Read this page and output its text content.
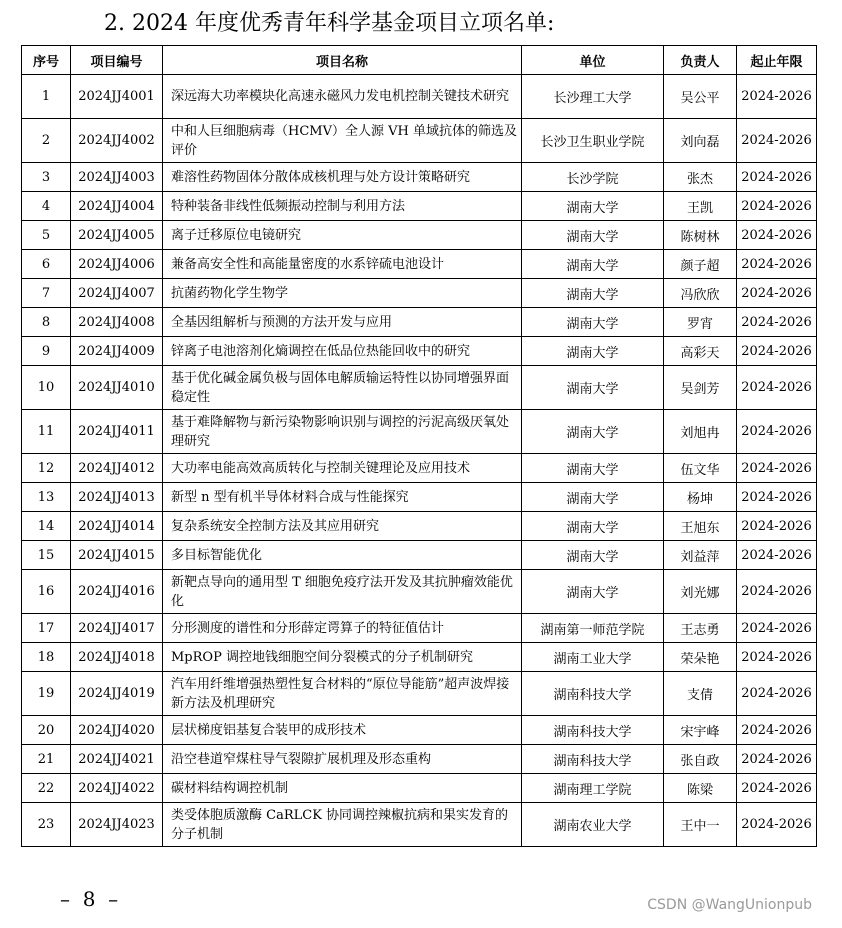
2. 2024 年度优秀青年科学基金项目立项名单:
序号	项目编号	项目名称	单位	负责人	起止年限
1	2024JJ4001	深远海大功率模块化高速永磁风力发电机控制关键技术研究	长沙理工大学	吴公平	2024-2026
2	2024JJ4002	中和人巨细胞病毒（HCMV）全人源 VH 单域抗体的筛选及评价	长沙卫生职业学院	刘向磊	2024-2026
3	2024JJ4003	难溶性药物固体分散体成核机理与处方设计策略研究	长沙学院	张杰	2024-2026
4	2024JJ4004	特种装备非线性低频振动控制与利用方法	湖南大学	王凯	2024-2026
5	2024JJ4005	离子迁移原位电镜研究	湖南大学	陈树林	2024-2026
6	2024JJ4006	兼备高安全性和高能量密度的水系锌硫电池设计	湖南大学	颜子超	2024-2026
7	2024JJ4007	抗菌药物化学生物学	湖南大学	冯欣欣	2024-2026
8	2024JJ4008	全基因组解析与预测的方法开发与应用	湖南大学	罗宵	2024-2026
9	2024JJ4009	锌离子电池溶剂化熵调控在低品位热能回收中的研究	湖南大学	高彩天	2024-2026
10	2024JJ4010	基于优化碱金属负极与固体电解质输运特性以协同增强界面稳定性	湖南大学	吴剑芳	2024-2026
11	2024JJ4011	基于难降解物与新污染物影响识别与调控的污泥高级厌氧处理研究	湖南大学	刘旭冉	2024-2026
12	2024JJ4012	大功率电能高效高质转化与控制关键理论及应用技术	湖南大学	伍文华	2024-2026
13	2024JJ4013	新型 n 型有机半导体材料合成与性能探究	湖南大学	杨坤	2024-2026
14	2024JJ4014	复杂系统安全控制方法及其应用研究	湖南大学	王旭东	2024-2026
15	2024JJ4015	多目标智能优化	湖南大学	刘益萍	2024-2026
16	2024JJ4016	新靶点导向的通用型 T 细胞免疫疗法开发及其抗肿瘤效能优化	湖南大学	刘光娜	2024-2026
17	2024JJ4017	分形测度的谱性和分形薛定谔算子的特征值估计	湖南第一师范学院	王志勇	2024-2026
18	2024JJ4018	MpROP 调控地钱细胞空间分裂模式的分子机制研究	湖南工业大学	荣朵艳	2024-2026
19	2024JJ4019	汽车用纤维增强热塑性复合材料的“原位导能筋”超声波焊接新方法及机理研究	湖南科技大学	支倩	2024-2026
20	2024JJ4020	层状梯度铝基复合装甲的成形技术	湖南科技大学	宋宇峰	2024-2026
21	2024JJ4021	沿空巷道窄煤柱导气裂隙扩展机理及形态重构	湖南科技大学	张自政	2024-2026
22	2024JJ4022	碳材料结构调控机制	湖南理工学院	陈梁	2024-2026
23	2024JJ4023	类受体胞质激酶 CaRLCK 协同调控辣椒抗病和果实发育的分子机制	湖南农业大学	王中一	2024-2026
–  8  –	CSDN @WangUnionpub
